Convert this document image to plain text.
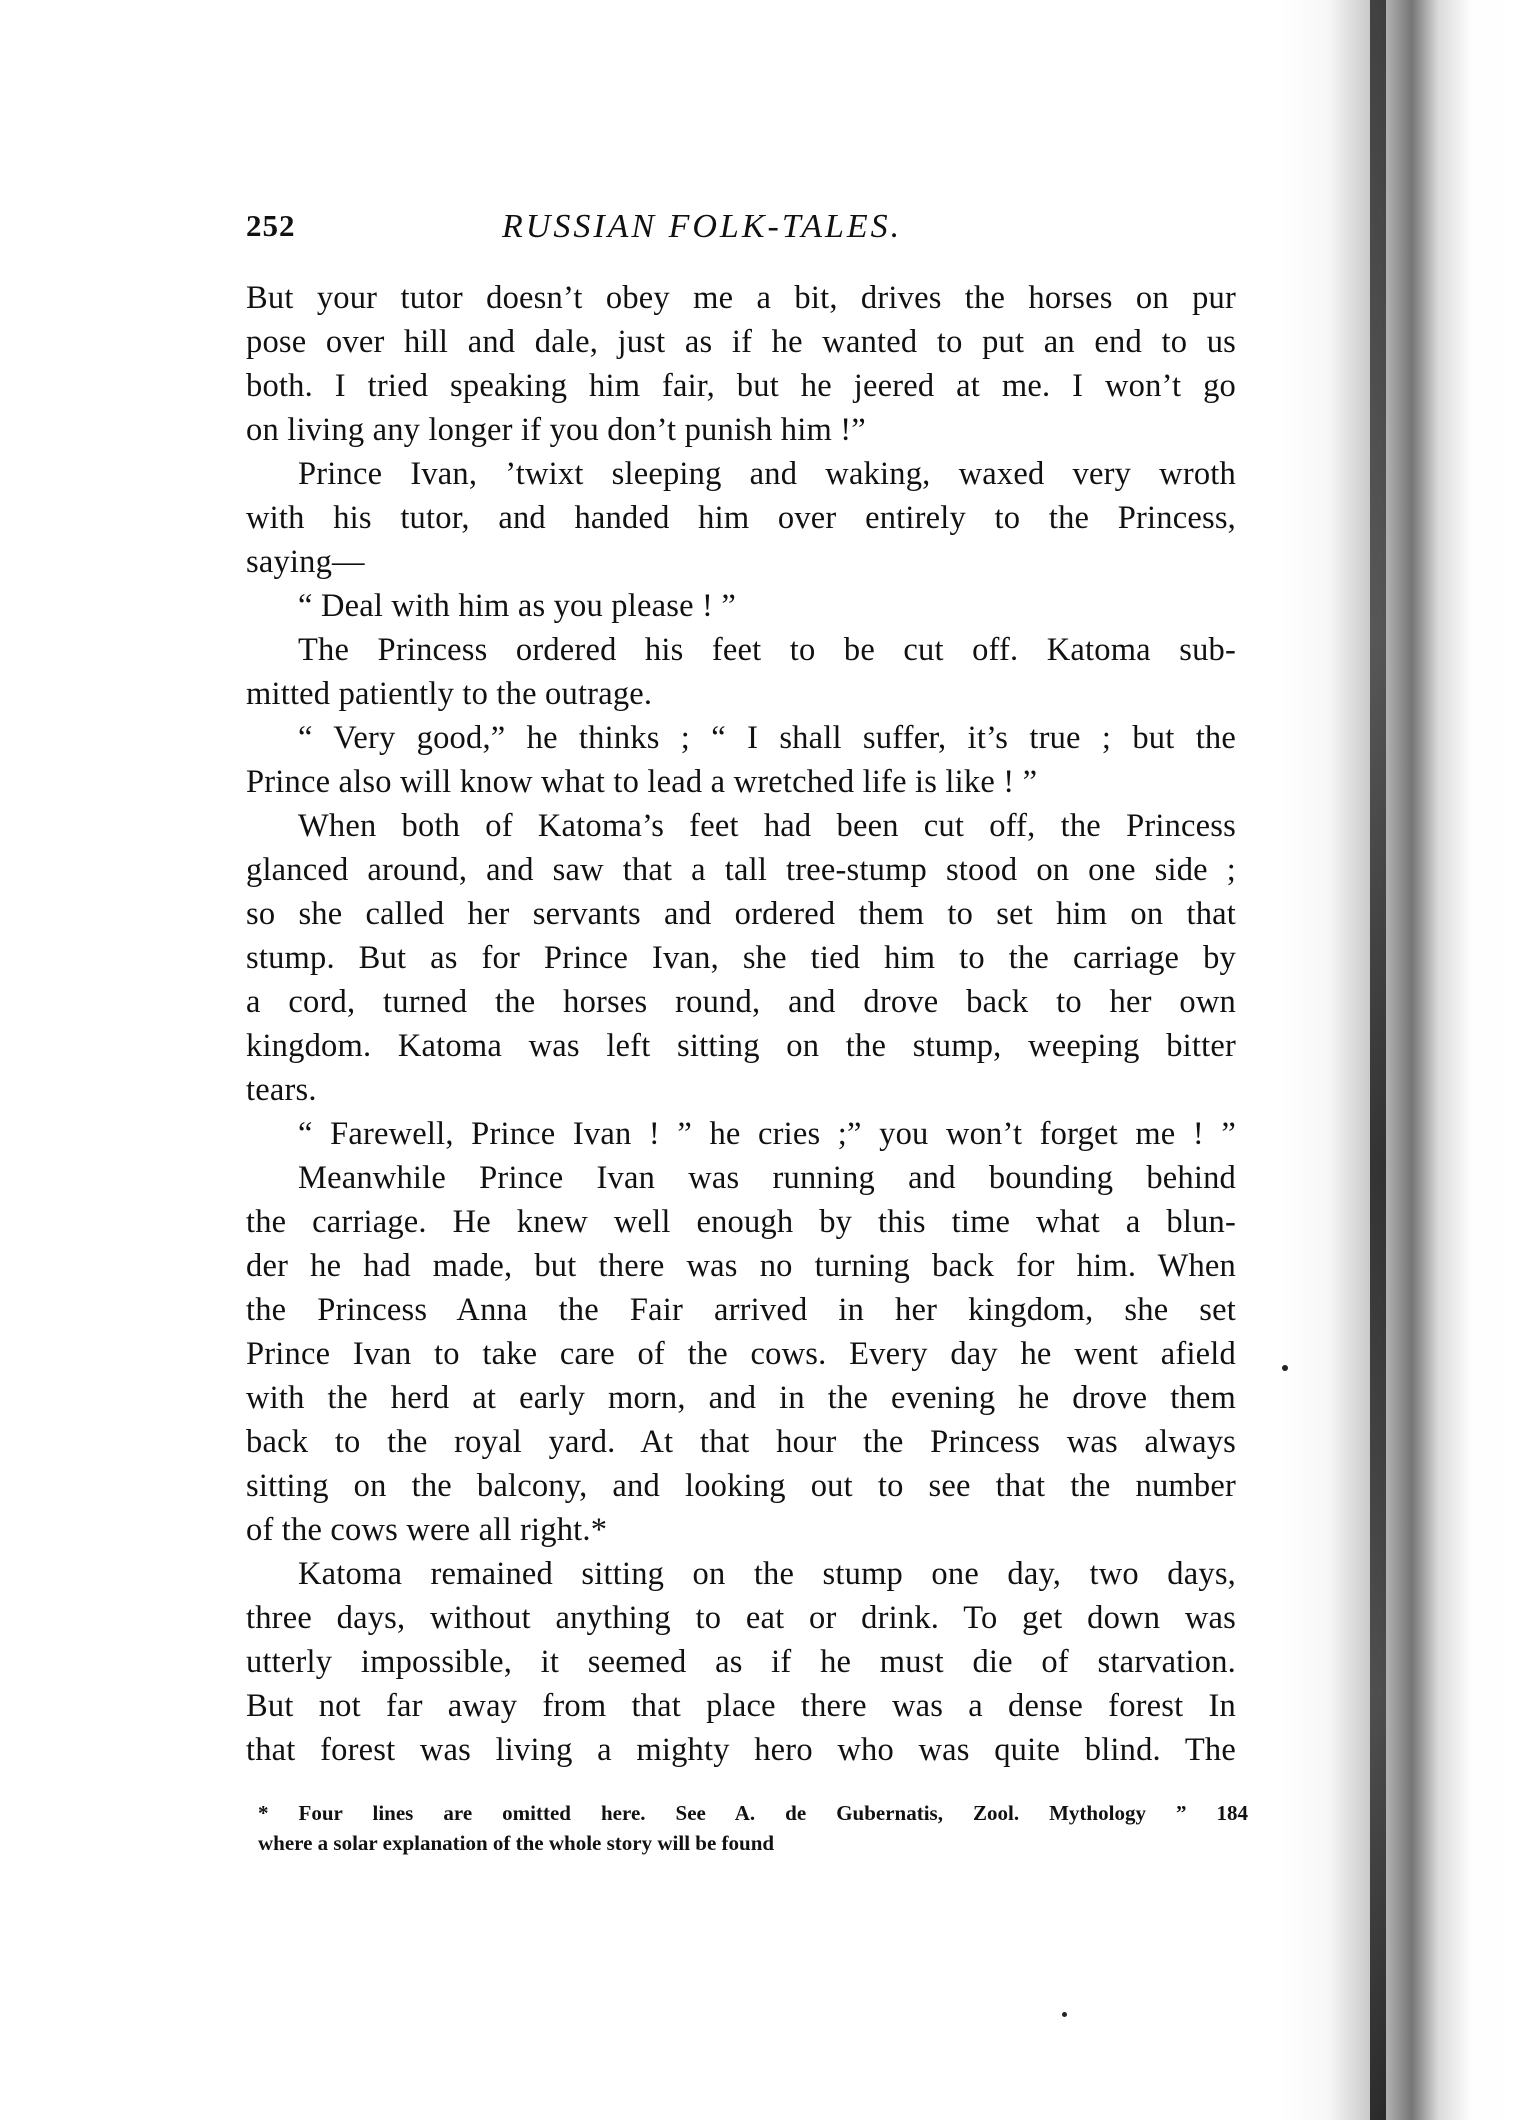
252	RUSSIAN FOLK-TALES.
But your tutor doesn’t obey me a bit, drives the horses on pur
pose over hill and dale, just as if he wanted to put an end to us
both. I tried speaking him fair, but he jeered at me. I won’t go
on living any longer if you don’t punish him !”
Prince Ivan, ’twixt sleeping and waking, waxed very wroth
with his tutor, and handed him over entirely to the Princess,
saying—
“ Deal with him as you please ! ”
The Princess ordered his feet to be cut off. Katoma sub-
mitted patiently to the outrage.
“ Very good,” he thinks ; “ I shall suffer, it’s true ; but the
Prince also will know what to lead a wretched life is like ! ”
When both of Katoma’s feet had been cut off, the Princess
glanced around, and saw that a tall tree-stump stood on one side ;
so she called her servants and ordered them to set him on that
stump. But as for Prince Ivan, she tied him to the carriage by
a cord, turned the horses round, and drove back to her own
kingdom. Katoma was left sitting on the stump, weeping bitter
tears.
“ Farewell, Prince Ivan ! ” he cries ;” you won’t forget me ! ”
Meanwhile Prince Ivan was running and bounding behind
the carriage. He knew well enough by this time what a blun-
der he had made, but there was no turning back for him. When
the Princess Anna the Fair arrived in her kingdom, she set
Prince Ivan to take care of the cows. Every day he went afield
with the herd at early morn, and in the evening he drove them
back to the royal yard. At that hour the Princess was always
sitting on the balcony, and looking out to see that the number
of the cows were all right.*
Katoma remained sitting on the stump one day, two days,
three days, without anything to eat or drink. To get down was
utterly impossible, it seemed as if he must die of starvation.
But not far away from that place there was a dense forest In
that forest was living a mighty hero who was quite blind. The
* Four lines are omitted here. See A. de Gubernatis, Zool. Mythology ” 184
where a solar explanation of the whole story will be found
